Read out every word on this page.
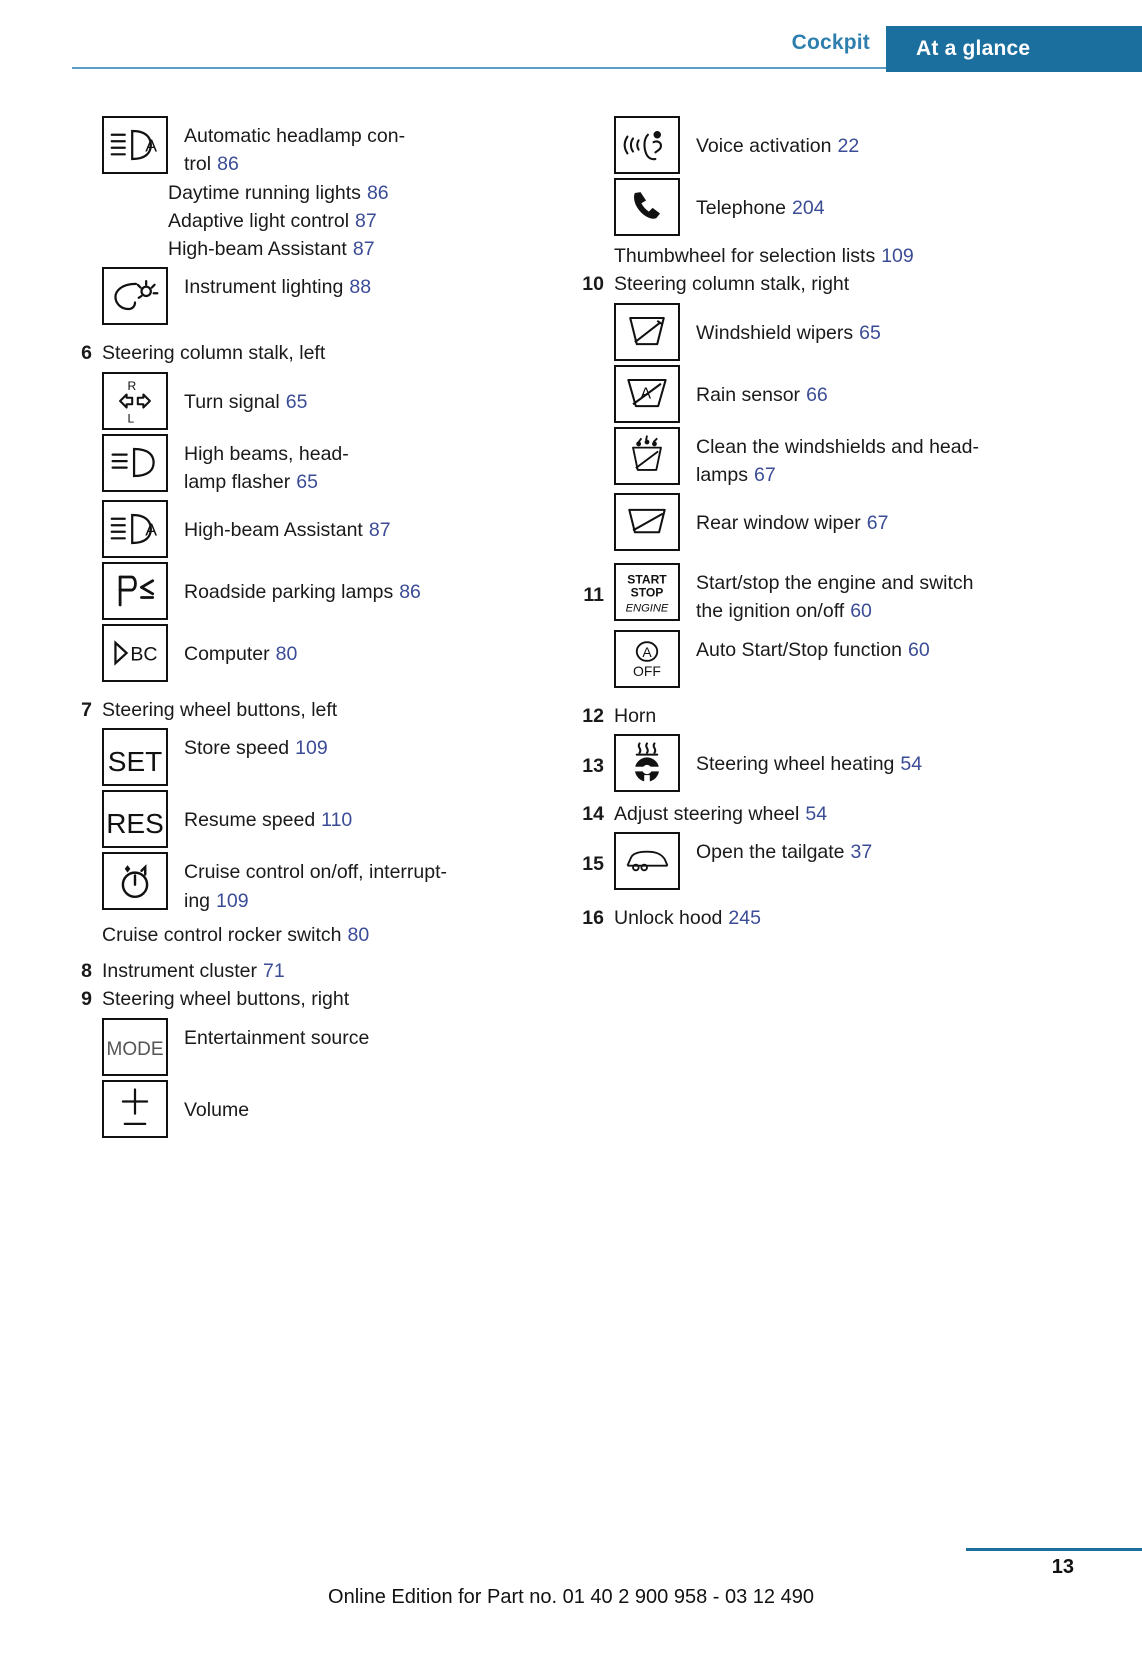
Cockpit At a glance
A Automatic headlamp con-
trol 86
Daytime running lights 86
Adaptive light control 87
High-beam Assistant 87
Instrument lighting 88
6 Steering column stalk, left
R
L
Turn signal 65
High beams, head-
lamp flasher 65
A	High-beam Assistant 87
Roadside parking lamps 86
BC	Computer 80
7 Steering wheel buttons, left
SET	Store speed 109
RES	Resume speed 110
Cruise control on/off, interrupt-
ing 109
Cruise control rocker switch 80
8 Instrument cluster 71
9 Steering wheel buttons, right
MODE
Entertainment source
Volume
Voice activation 22
Telephone 204
Thumbwheel for selection lists 109
10 Steering column stalk, right
Windshield wipers 65
A	Rain sensor 66
Clean the windshields and head-
lamps 67
Rear window wiper 67
11
START
STOP
ENGINE
Start/stop the engine and switch
the ignition on/off 60
A
OFF
Auto Start/Stop function 60
12 Horn
13	Steering wheel heating 54
14 Adjust steering wheel 54
15
Open the tailgate 37
16 Unlock hood 245
13
Online Edition for Part no. 01 40 2 900 958 - 03 12 490
